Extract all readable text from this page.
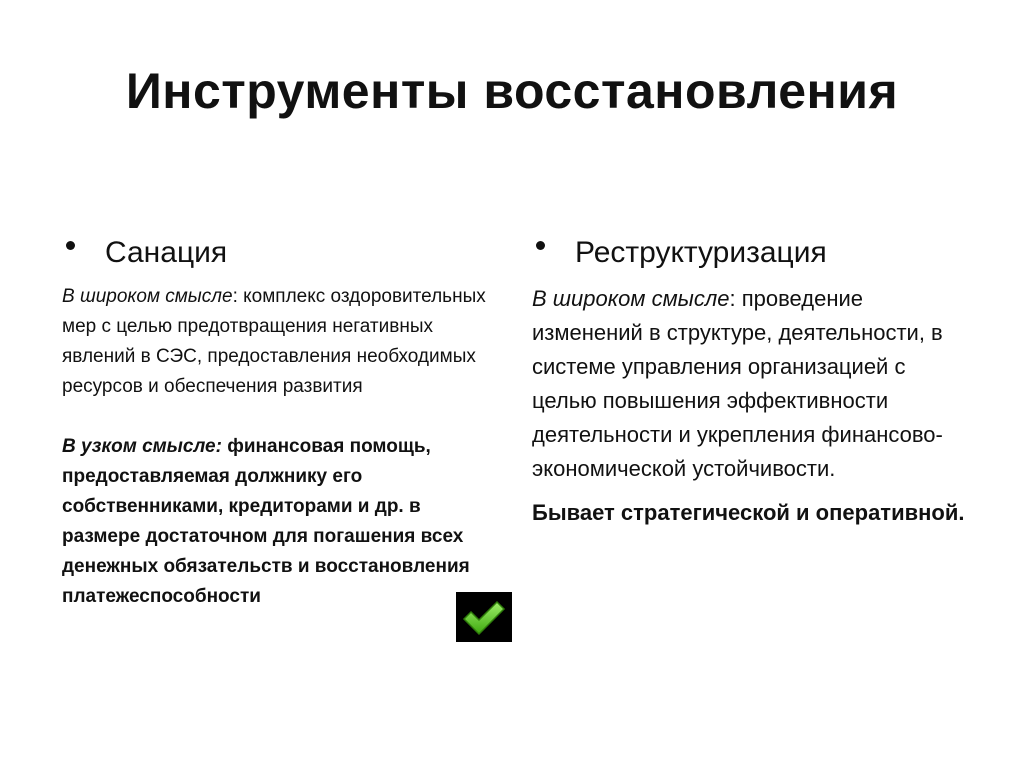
Инструменты восстановления
Санация

В широком смысле: комплекс оздоровительных мер с целью предотвращения негативных явлений в СЭС, предоставления необходимых ресурсов и обеспечения развития

В узком смысле: финансовая помощь, предоставляемая должнику его собственниками, кредиторами и др. в размере достаточном для погашения всех денежных обязательств и восстановления платежеспособности

Реструктуризация

В широком смысле: проведение изменений в структуре, деятельности, в системе управления организацией с целью повышения эффективности деятельности и укрепления финансово-экономической устойчивости.

Бывает стратегической и оперативной.
